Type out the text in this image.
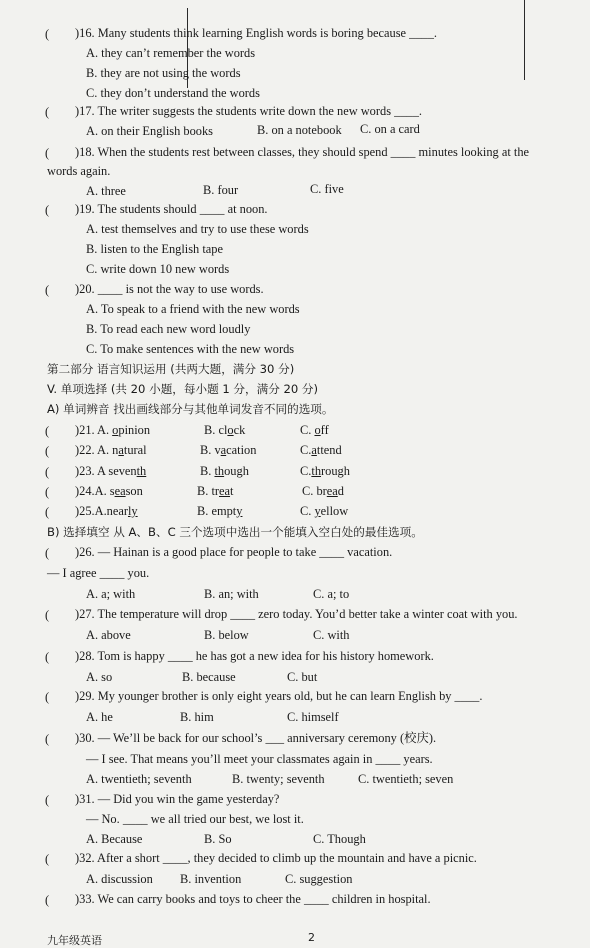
( )16. Many students think learning English words is boring because ____.
A. they can’t remember the words
B. they are not using the words
C. they don’t understand the words
( )17. The writer suggests the students write down the new words ____.
A. on their English books	B. on a notebook C. on a card
( )18. When the students rest between classes, they should spend ____ minutes looking at the
words again.
A. three	B. four	C. five
( )19. The students should ____ at noon.
A. test themselves and try to use these words
B. listen to the English tape
C. write down 10 new words
( )20. ____ is not the way to use words.
A. To speak to a friend with the new words
B. To read each new word loudly
C. To make sentences with the new words
第二部分 语言知识运用 (共两大题，满分 30 分)
V. 单项选择 (共 20 小题，每小题 1 分，满分 20 分)
A) 单词辨音 找出画线部分与其他单词发音不同的选项。
( )21. A. opinion	B. clock	C. off
( )22. A. natural	B. vacation	C.attend
( )23. A seventh	B. though	C.through
( )24.A. season	B. treat	C. bread
( )25.A.nearly	B. empty	C. yellow
B) 选择填空 从 A、B、C 三个选项中选出一个能填入空白处的最佳选项。
( )26. — Hainan is a good place for people to take ____ vacation.
— I agree ____ you.
A. a; with	B. an; with	C. a; to
( )27. The temperature will drop ____ zero today. You’d better take a winter coat with you.
A. above	B. below	C. with
( )28. Tom is happy ____ he has got a new idea for his history homework.
A. so	B. because	C. but
( )29. My younger brother is only eight years old, but he can learn English by ____.
A. he	B. him	C. himself
( )30. — We’ll be back for our school’s ___ anniversary ceremony (校庆).
— I see. That means you’ll meet your classmates again in ____ years.
A. twentieth; seventh	B. twenty; seventh	C. twentieth; seven
( )31. — Did you win the game yesterday?
— No. ____ we all tried our best, we lost it.
A. Because	B. So	C. Though
( )32. After a short ____, they decided to climb up the mountain and have a picnic.
A. discussion B. invention	C. suggestion
( )33. We can carry books and toys to cheer the ____ children in hospital.
九年级英语	2
